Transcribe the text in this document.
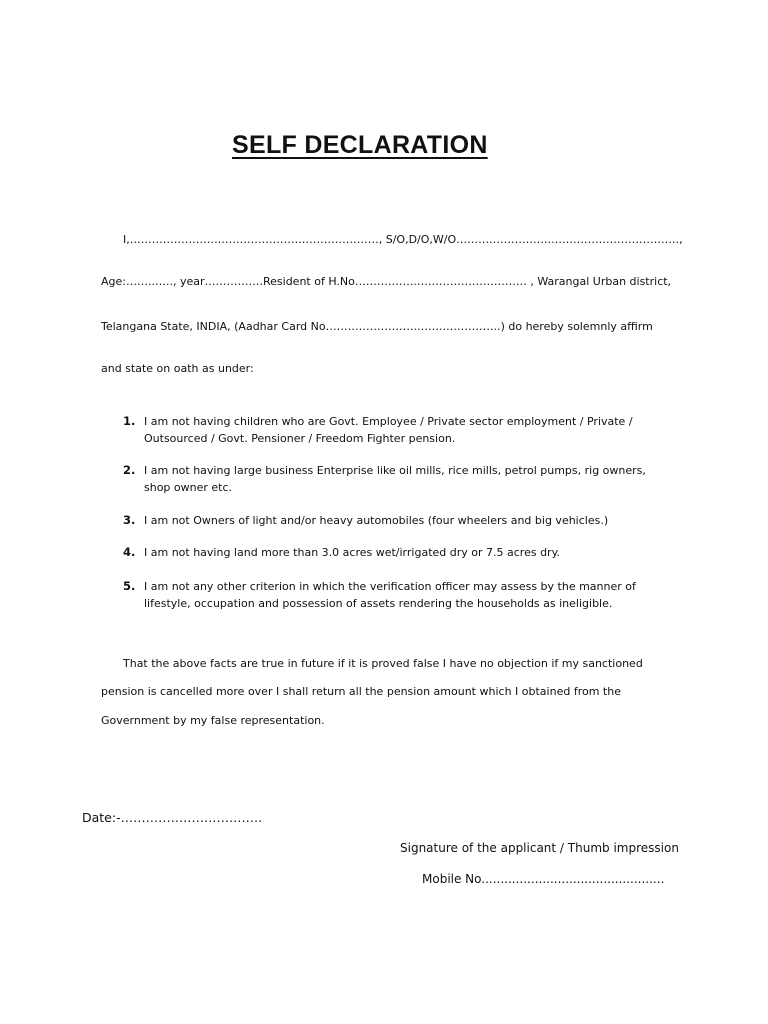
SELF DECLARATION
I,…………………….………………….…………………, S/O,D/O,W/O……….……………..…………………………….,
Age:……..….., year…………….Resident of H.No……………..………………………… , Warangal Urban district,
Telangana State, INDIA, (Aadhar Card No……………………..……..…………..) do hereby solemnly affirm
and state on oath as under:
1. I am not having children who are Govt. Employee / Private sector employment / Private /
Outsourced / Govt. Pensioner / Freedom Fighter pension.
2. I am not having large business Enterprise like oil mills, rice mills, petrol pumps, rig owners,
shop owner etc.
3. I am not Owners of light and/or heavy automobiles (four wheelers and big vehicles.)
4. I am not having land more than 3.0 acres wet/irrigated dry or 7.5 acres dry.
5. I am not any other criterion in which the verification officer may assess by the manner of
lifestyle, occupation and possession of assets rendering the households as ineligible.
That the above facts are true in future if it is proved false I have no objection if my sanctioned
pension is cancelled more over I shall return all the pension amount which I obtained from the
Government by my false representation.
Date:-…………………………….
Signature of the applicant / Thumb impression
Mobile No................................................
